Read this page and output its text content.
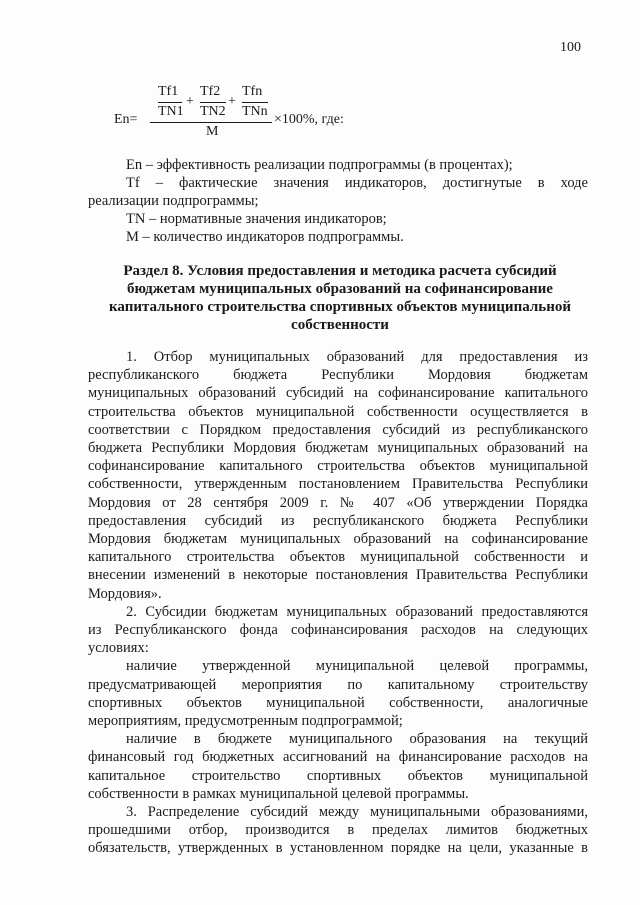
100
Tf1
+
Tf2
+
Tfn
TN1 TN2 TNn
En=	×100%, где:
M

En – эффективность реализации подпрограммы (в процентах);

Tf – фактические значения индикаторов, достигнутые в ходе

реализации подпрограммы;

TN – нормативные значения индикаторов;

M – количество индикаторов подпрограммы.

Раздел 8. Условия предоставления и методика расчета субсидий

бюджетам муниципальных образований на софинансирование

капитального строительства спортивных объектов муниципальной

собственности

1. Отбор муниципальных образований для предоставления из
республиканского бюджета Республики Мордовия бюджетам
муниципальных образований субсидий на софинансирование капитального
строительства объектов муниципальной собственности осуществляется в
соответствии с Порядком предоставления субсидий из республиканского
бюджета Республики Мордовия бюджетам муниципальных образований на
софинансирование капитального строительства объектов муниципальной
собственности, утвержденным постановлением Правительства Республики
Мордовия от 28 сентября 2009 г. № 407 «Об утверждении Порядка
предоставления субсидий из республиканского бюджета Республики
Мордовия бюджетам муниципальных образований на софинансирование
капитального строительства объектов муниципальной собственности и
внесении изменений в некоторые постановления Правительства Республики
Мордовия».

2. Субсидии бюджетам муниципальных образований предоставляются
из Республиканского фонда софинансирования расходов на следующих
условиях:

наличие утвержденной муниципальной целевой программы,
предусматривающей мероприятия по капитальному строительству
спортивных объектов муниципальной собственности, аналогичные
мероприятиям, предусмотренным подпрограммой;

наличие в бюджете муниципального образования на текущий
финансовый год бюджетных ассигнований на финансирование расходов на
капитальное строительство спортивных объектов муниципальной
собственности в рамках муниципальной целевой программы.

3. Распределение субсидий между муниципальными образованиями,
прошедшими отбор, производится в пределах лимитов бюджетных
обязательств, утвержденных в установленном порядке на цели, указанные в
